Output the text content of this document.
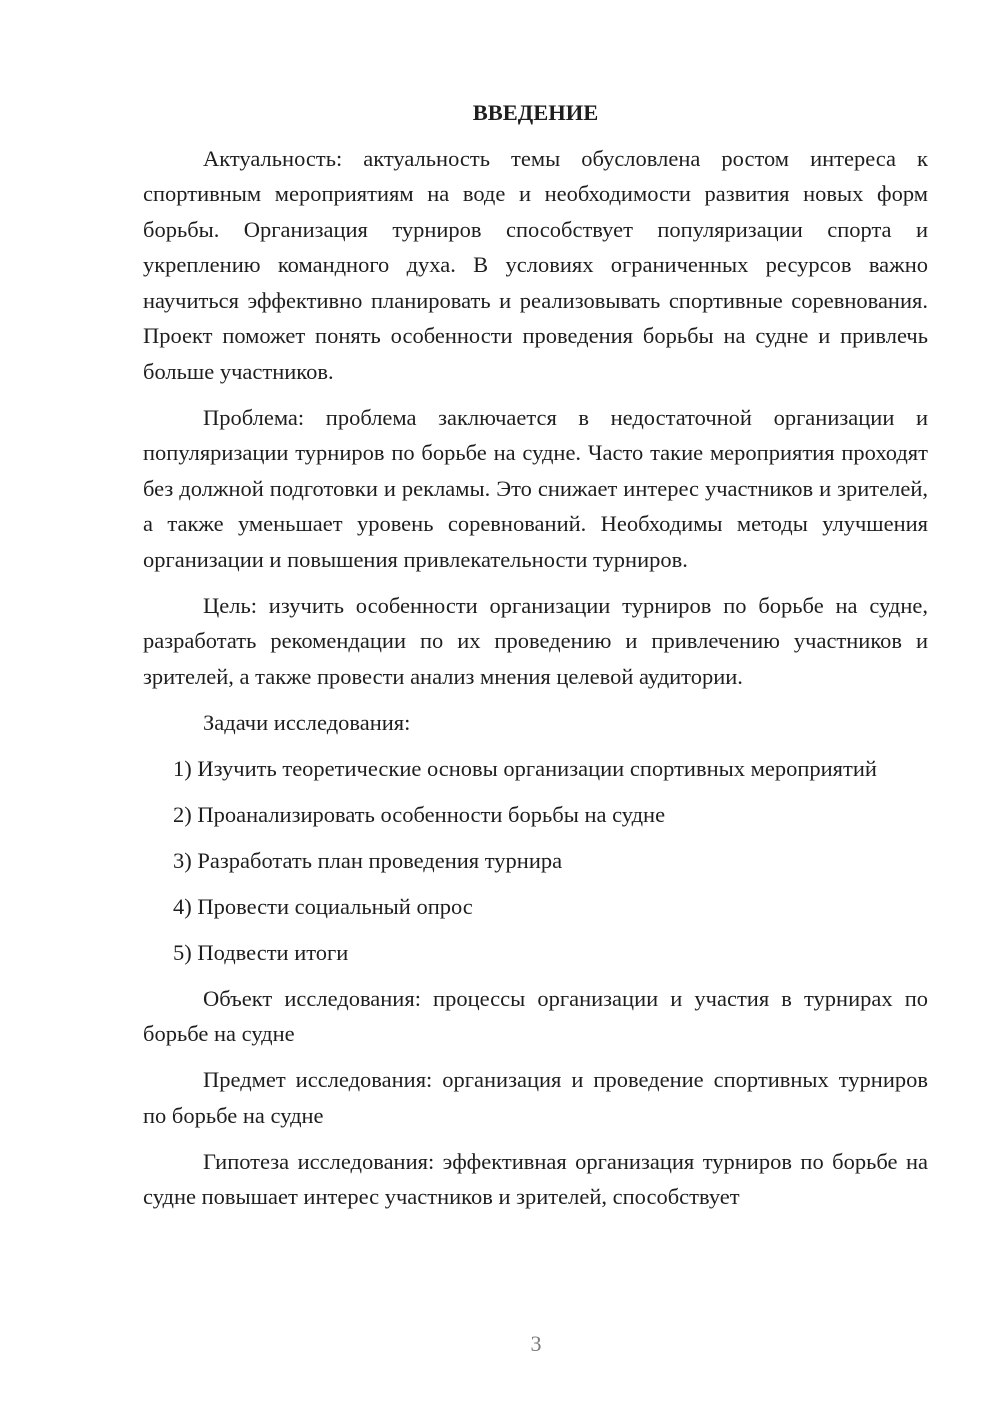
ВВЕДЕНИЕ

Актуальность: актуальность темы обусловлена ростом интереса к спортивным мероприятиям на воде и необходимости развития новых форм борьбы. Организация турниров способствует популяризации спорта и укреплению командного духа. В условиях ограниченных ресурсов важно научиться эффективно планировать и реализовывать спортивные соревнования. Проект поможет понять особенности проведения борьбы на судне и привлечь больше участников.

Проблема: проблема заключается в недостаточной организации и популяризации турниров по борьбе на судне. Часто такие мероприятия проходят без должной подготовки и рекламы. Это снижает интерес участников и зрителей, а также уменьшает уровень соревнований. Необходимы методы улучшения организации и повышения привлекательности турниров.

Цель: изучить особенности организации турниров по борьбе на судне, разработать рекомендации по их проведению и привлечению участников и зрителей, а также провести анализ мнения целевой аудитории.

Задачи исследования:

1) Изучить теоретические основы организации спортивных мероприятий

2) Проанализировать особенности борьбы на судне

3) Разработать план проведения турнира

4) Провести социальный опрос

5) Подвести итоги

Объект исследования: процессы организации и участия в турнирах по борьбе на судне

Предмет исследования: организация и проведение спортивных турниров по борьбе на судне

Гипотеза исследования: эффективная организация турниров по борьбе на судне повышает интерес участников и зрителей, способствует

3
